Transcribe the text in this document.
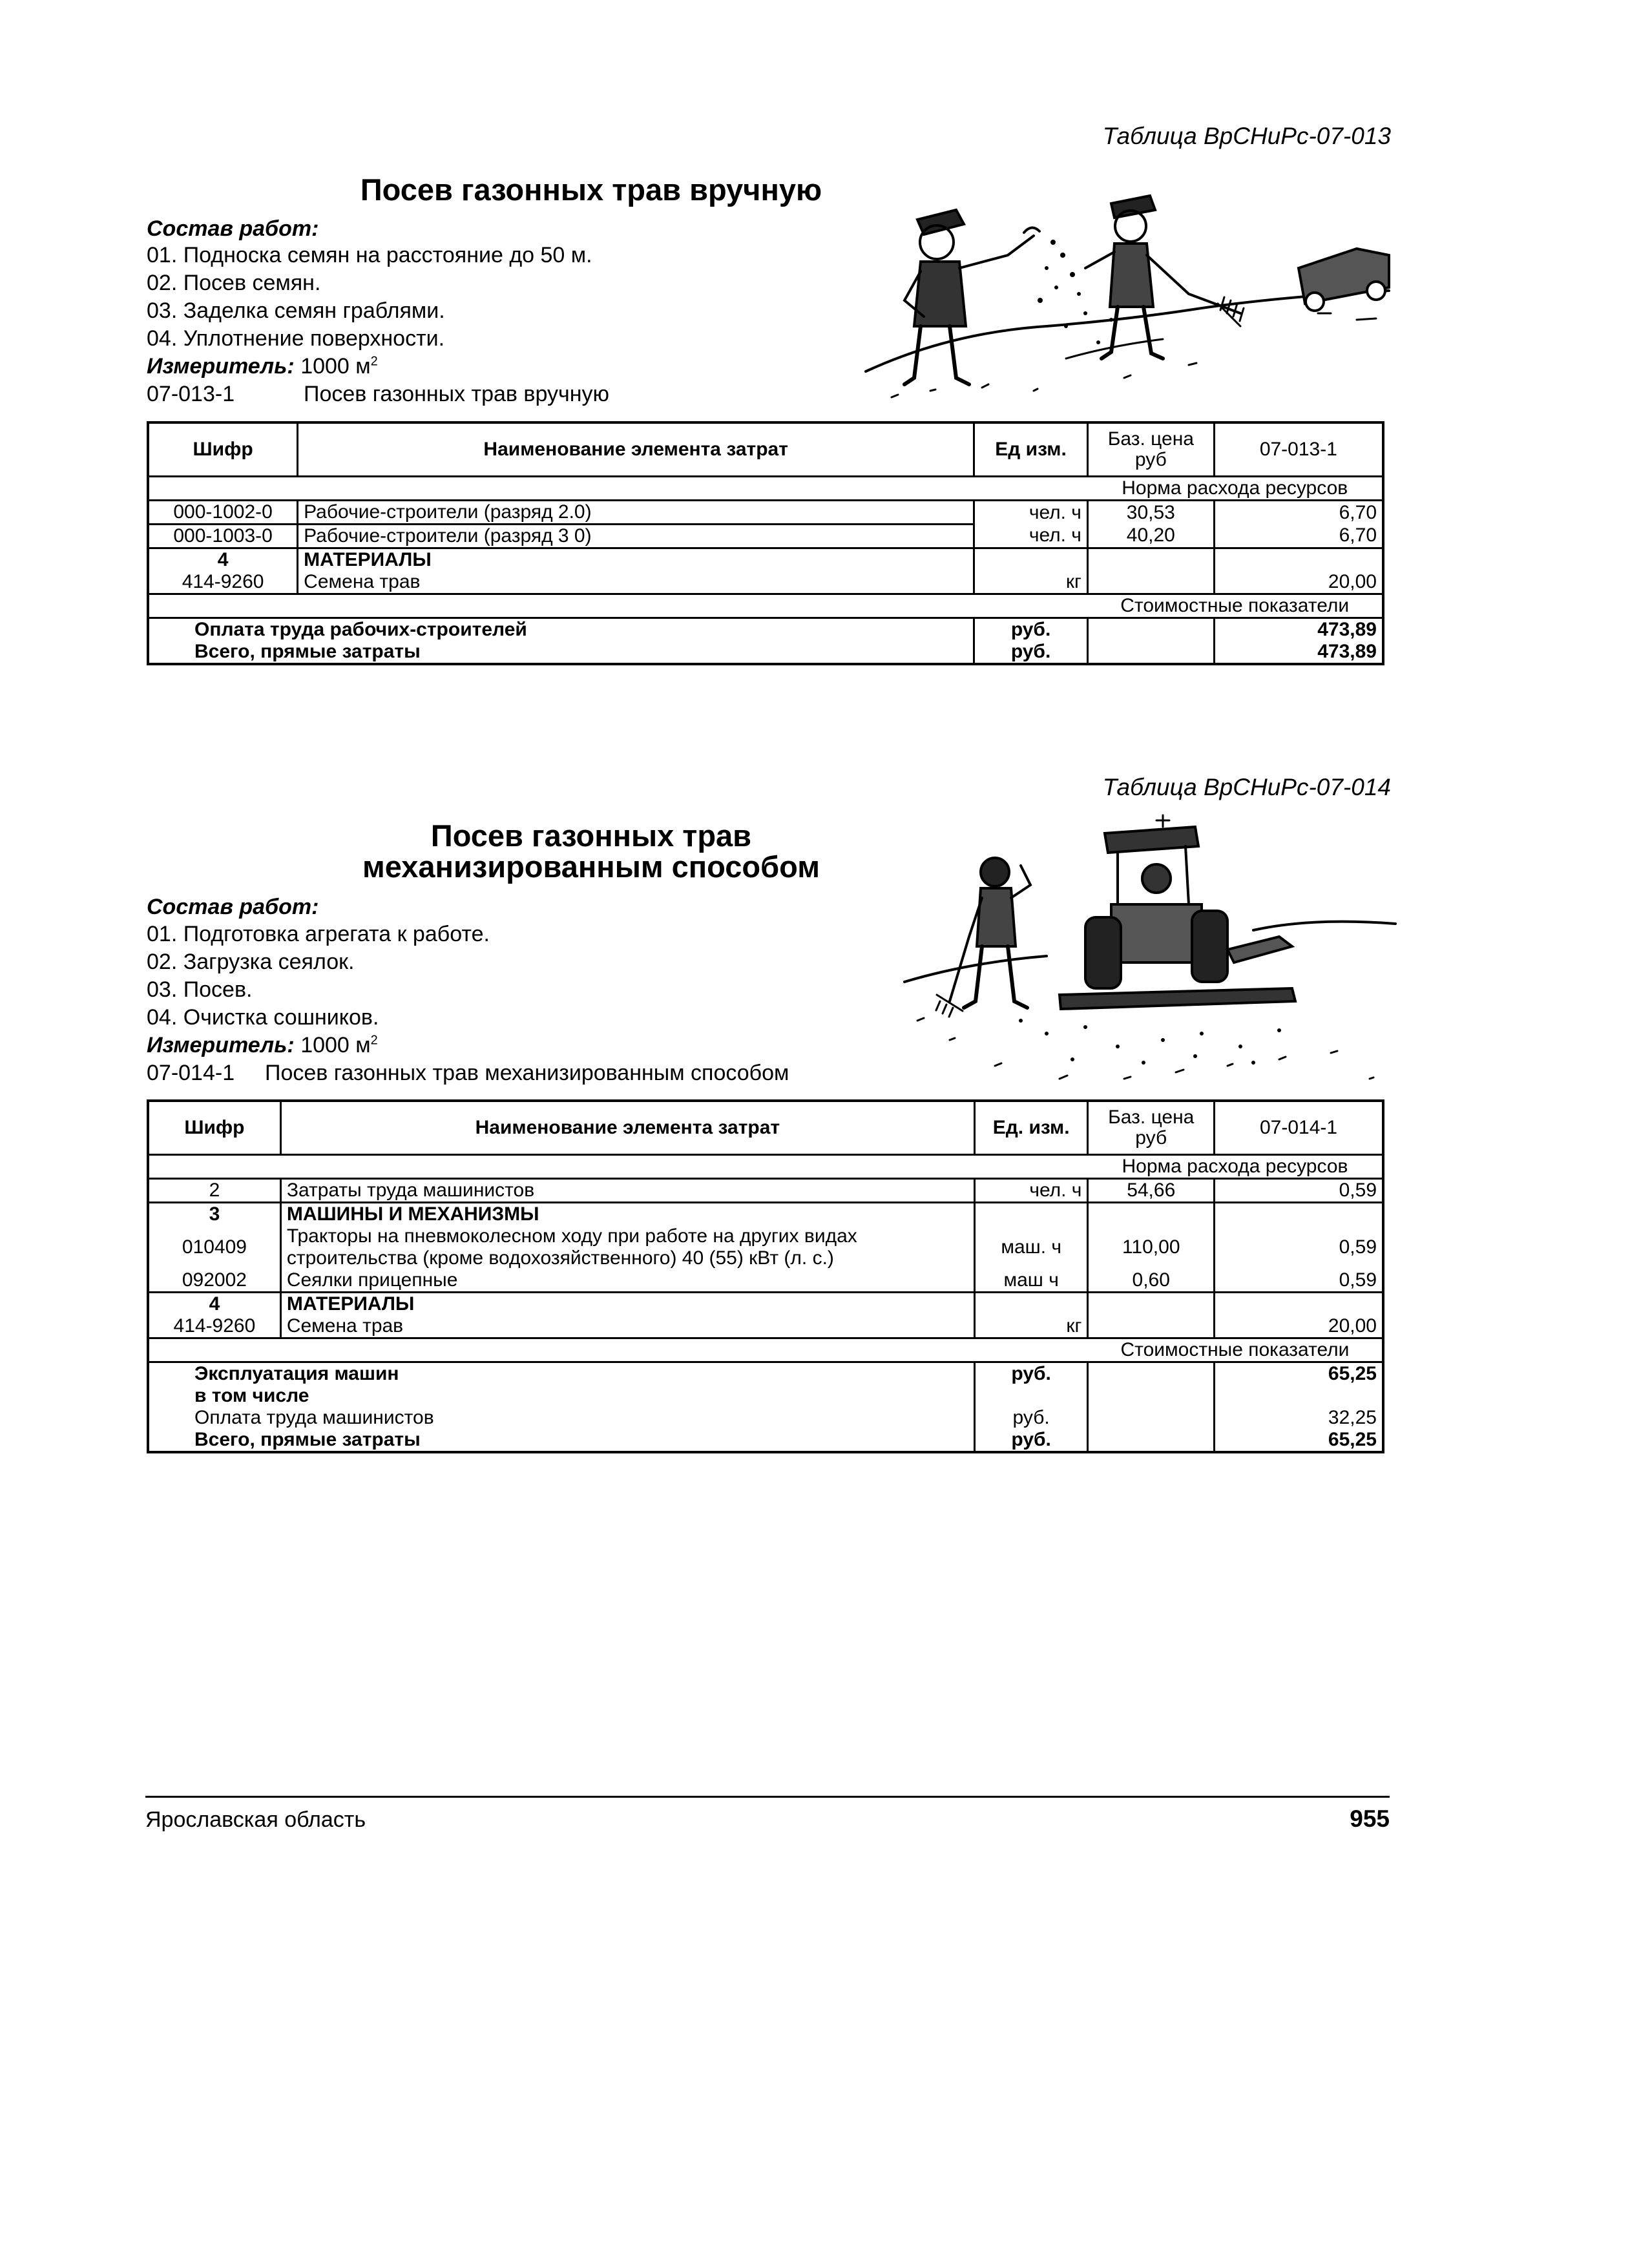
Таблица ВрСНиРс-07-013
Посев газонных трав вручную
Состав работ:
01. Подноска семян на расстояние до 50 м.
02. Посев семян.
03. Заделка семян граблями.
04. Уплотнение поверхности.
Измеритель: 1000 $м^2$
07-013-1	Посев газонных трав вручную
Шифр	Наименование элемента затрат	Ед изм.	Баз. цена руб	07-013-1
			Норма расхода ресурсов	
000-1002-0	Рабочие-строители (разряд 2.0)	чел. ч	30,53	6,70
000-1003-0	Рабочие-строители (разряд 3 0)	чел. ч	40,20	6,70
4	МАТЕРИАЛЫ			
414-9260	Семена трав	кг		20,00
			Стоимостные показатели	
Оплата труда рабочих-строителей		руб.		473,89
Всего, прямые затраты		руб.		473,89
Таблица ВрСНиРс-07-014
Посев газонных трав
механизированным способом
Состав работ:
01. Подготовка агрегата к работе.
02. Загрузка сеялок.
03. Посев.
04. Очистка сошников.
Измеритель: 1000 $м^2$
07-014-1 Посев газонных трав механизированным способом
Шифр	Наименование элемента затрат	Ед. изм.	Баз. цена руб	07-014-1
			Норма расхода ресурсов	
2	Затраты труда машинистов	чел. ч	54,66	0,59
3	МАШИНЫ И МЕХАНИЗМЫ			
010409	Тракторы на пневмоколесном ходу при работе на других видах
строительства (кроме водохозяйственного) 40 (55) кВт (л. с.)	маш. ч	110,00	0,59
092002	Сеялки прицепные	маш ч	0,60	0,59
4	МАТЕРИАЛЫ			
414-9260	Семена трав	кг		20,00
			Стоимостные показатели	
Эксплуатация машин		руб.		65,25
в том числе				
Оплата труда машинистов		руб.		32,25
Всего, прямые затраты		руб.		65,25
Ярославская область	955
